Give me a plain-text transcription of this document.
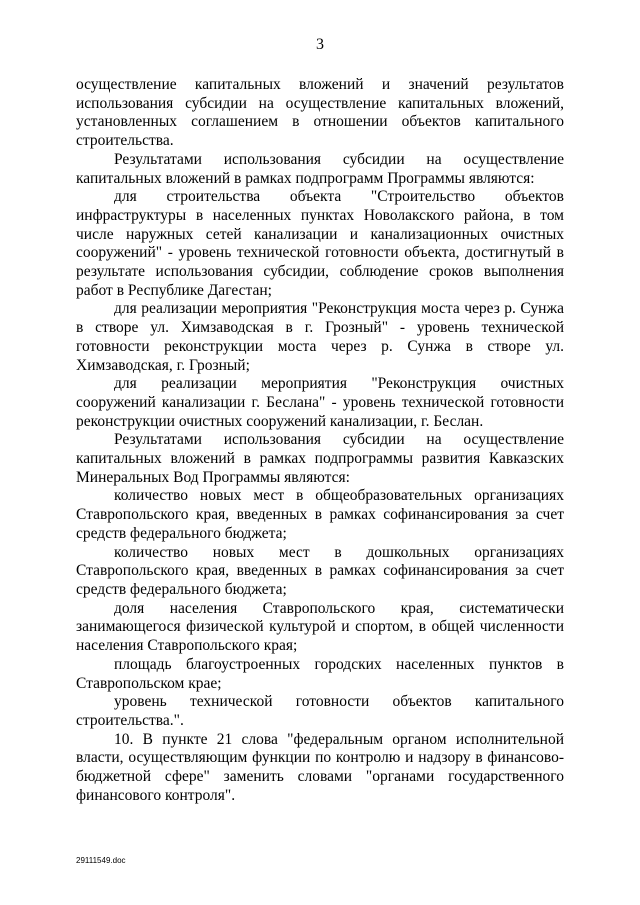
3

осуществление капитальных вложений и значений результатов использования субсидии на осуществление капитальных вложений, установленных соглашением в отношении объектов капитального строительства.

Результатами использования субсидии на осуществление капитальных вложений в рамках подпрограмм Программы являются:

для строительства объекта "Строительство объектов инфраструктуры в населенных пунктах Новолакского района, в том числе наружных сетей канализации и канализационных очистных сооружений" - уровень технической готовности объекта, достигнутый в результате использования субсидии, соблюдение сроков выполнения работ в Республике Дагестан;

для реализации мероприятия "Реконструкция моста через р. Сунжа в створе ул. Химзаводская в г. Грозный" - уровень технической готовности реконструкции моста через р. Сунжа в створе ул. Химзаводская, г. Грозный;

для реализации мероприятия "Реконструкция очистных сооружений канализации г. Беслана" - уровень технической готовности реконструкции очистных сооружений канализации, г. Беслан.

Результатами использования субсидии на осуществление капитальных вложений в рамках подпрограммы развития Кавказских Минеральных Вод Программы являются:

количество новых мест в общеобразовательных организациях Ставропольского края, введенных в рамках софинансирования за счет средств федерального бюджета;

количество новых мест в дошкольных организациях Ставропольского края, введенных в рамках софинансирования за счет средств федерального бюджета;

доля населения Ставропольского края, систематически занимающегося физической культурой и спортом, в общей численности населения Ставропольского края;

площадь благоустроенных городских населенных пунктов в Ставропольском крае;

уровень технической готовности объектов капитального строительства.".

10. В пункте 21 слова "федеральным органом исполнительной власти, осуществляющим функции по контролю и надзору в финансово-бюджетной сфере" заменить словами "органами государственного финансового контроля".

29111549.doc
